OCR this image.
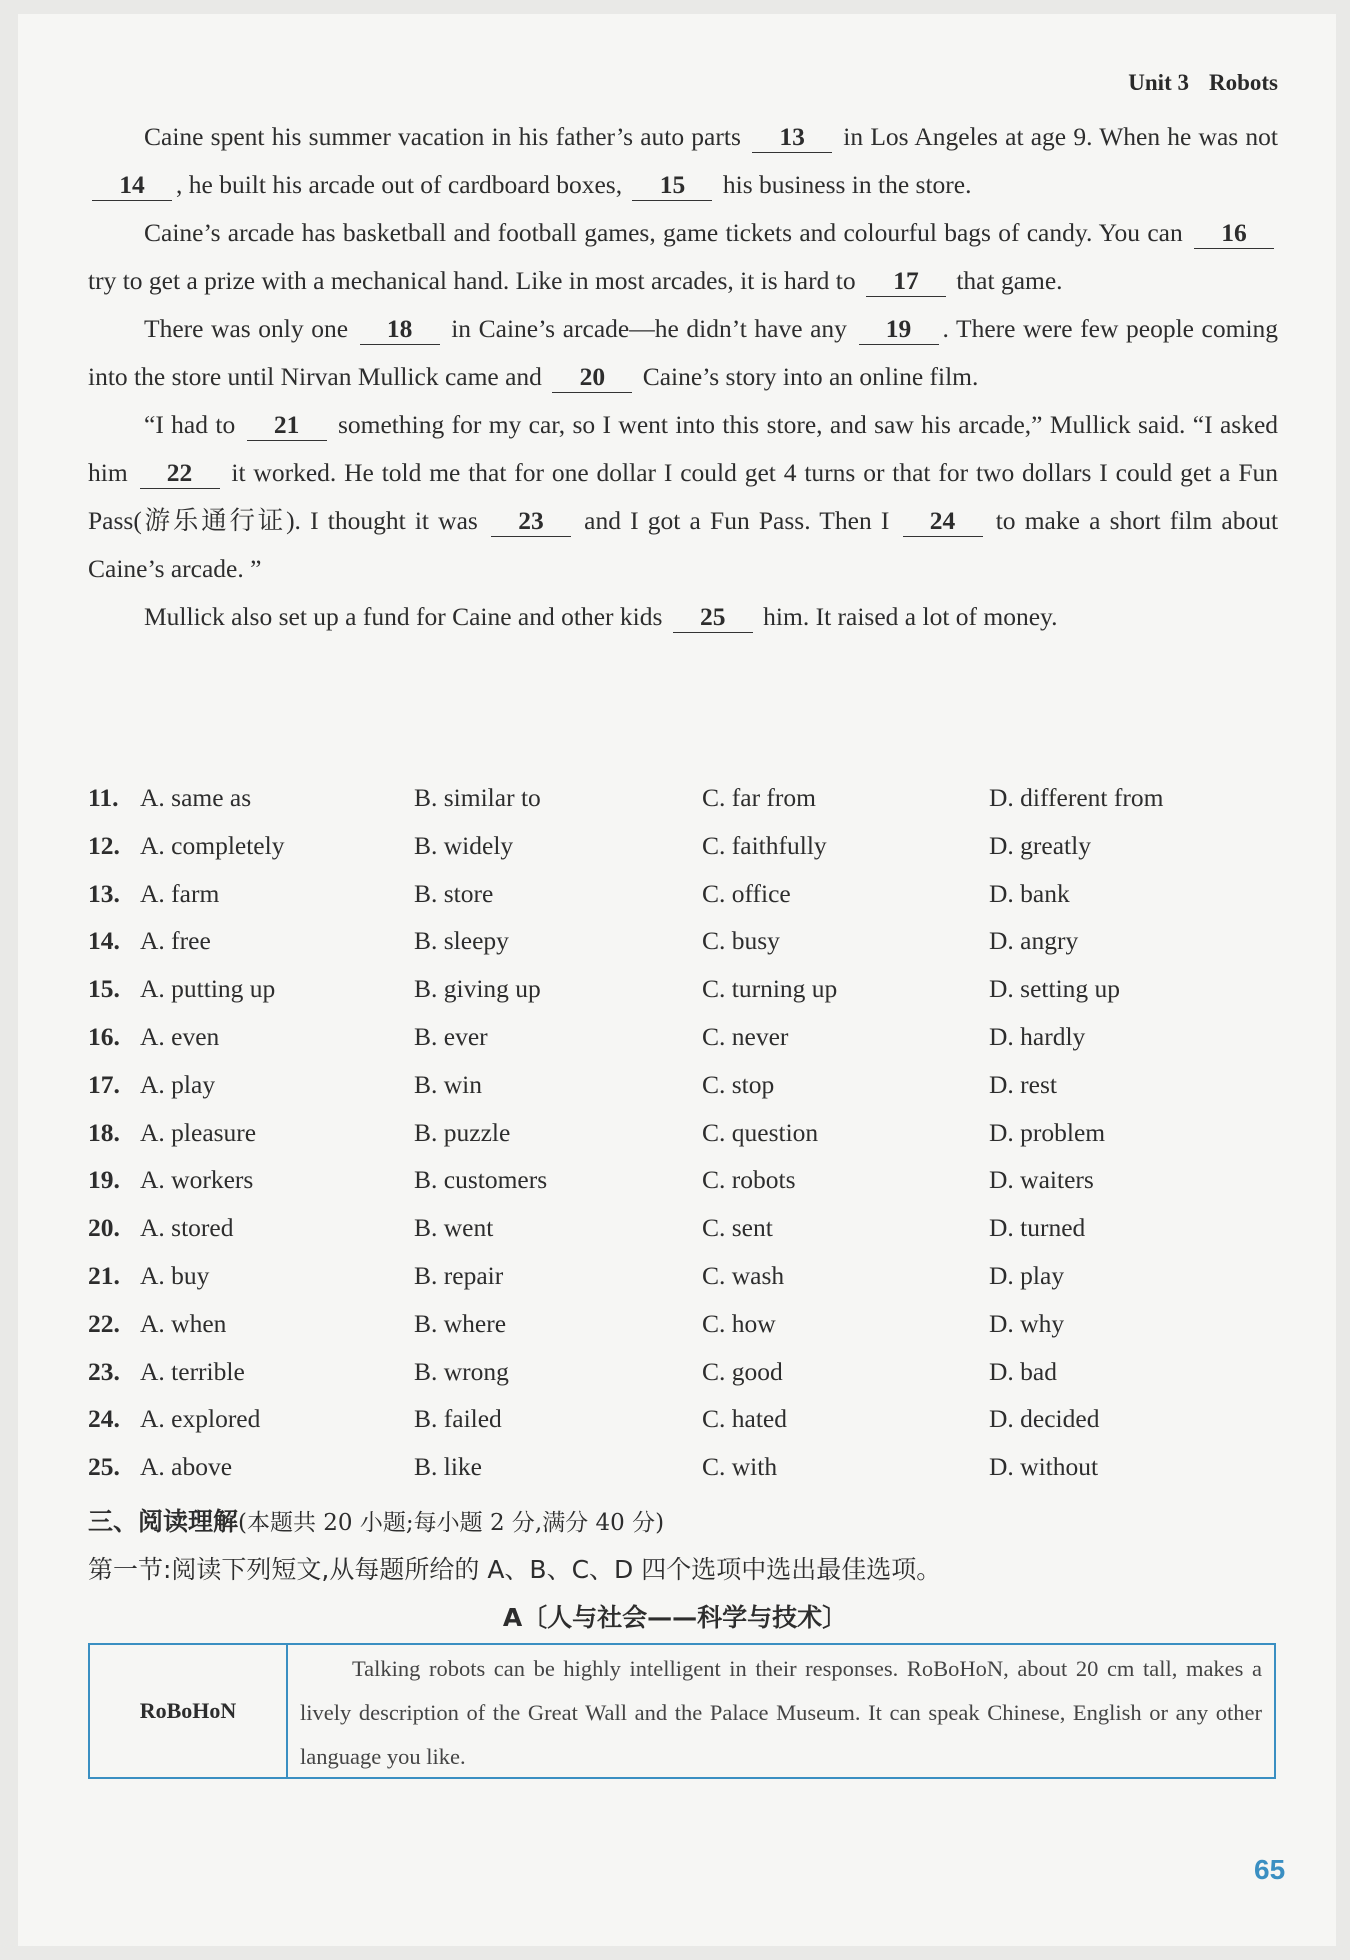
Unit 3 Robots

Caine spent his summer vacation in his father’s auto parts 13 in Los Angeles at age 9. When he was not 14 , he built his arcade out of cardboard boxes, 15 his business in the store.

Caine’s arcade has basketball and football games, game tickets and colourful bags of candy. You can 16 try to get a prize with a mechanical hand. Like in most arcades, it is hard to 17 that game.

There was only one 18 in Caine’s arcade—he didn’t have any 19 . There were few people coming into the store until Nirvan Mullick came and 20 Caine’s story into an online film.

“I had to 21 something for my car, so I went into this store, and saw his arcade,” Mullick said. “I asked him 22 it worked. He told me that for one dollar I could get 4 turns or that for two dollars I could get a Fun Pass(游乐通行证). I thought it was 23 and I got a Fun Pass. Then I 24 to make a short film about Caine’s arcade. ”

Mullick also set up a fund for Caine and other kids 25 him. It raised a lot of money.

11. A. same as	B. similar to	C. far from	D. different from
12. A. completely	B. widely	C. faithfully	D. greatly
13. A. farm	B. store	C. office	D. bank
14. A. free	B. sleepy	C. busy	D. angry
15. A. putting up	B. giving up	C. turning up	D. setting up
16. A. even	B. ever	C. never	D. hardly
17. A. play	B. win	C. stop	D. rest
18. A. pleasure	B. puzzle	C. question	D. problem
19. A. workers	B. customers	C. robots	D. waiters
20. A. stored	B. went	C. sent	D. turned
21. A. buy	B. repair	C. wash	D. play
22. A. when	B. where	C. how	D. why
23. A. terrible	B. wrong	C. good	D. bad
24. A. explored	B. failed	C. hated	D. decided
25. A. above	B. like	C. with	D. without
三、阅读理解(本题共 20 小题;每小题 2 分,满分 40 分)
第一节:阅读下列短文,从每题所给的 A、B、C、D 四个选项中选出最佳选项。
A〔人与社会——科学与技术〕
RoBoHoN

Talking robots can be highly intelligent in their responses. RoBoHoN, about 20 cm tall, makes a lively description of the Great Wall and the Palace Museum. It can speak Chinese, English or any other language you like.

65
